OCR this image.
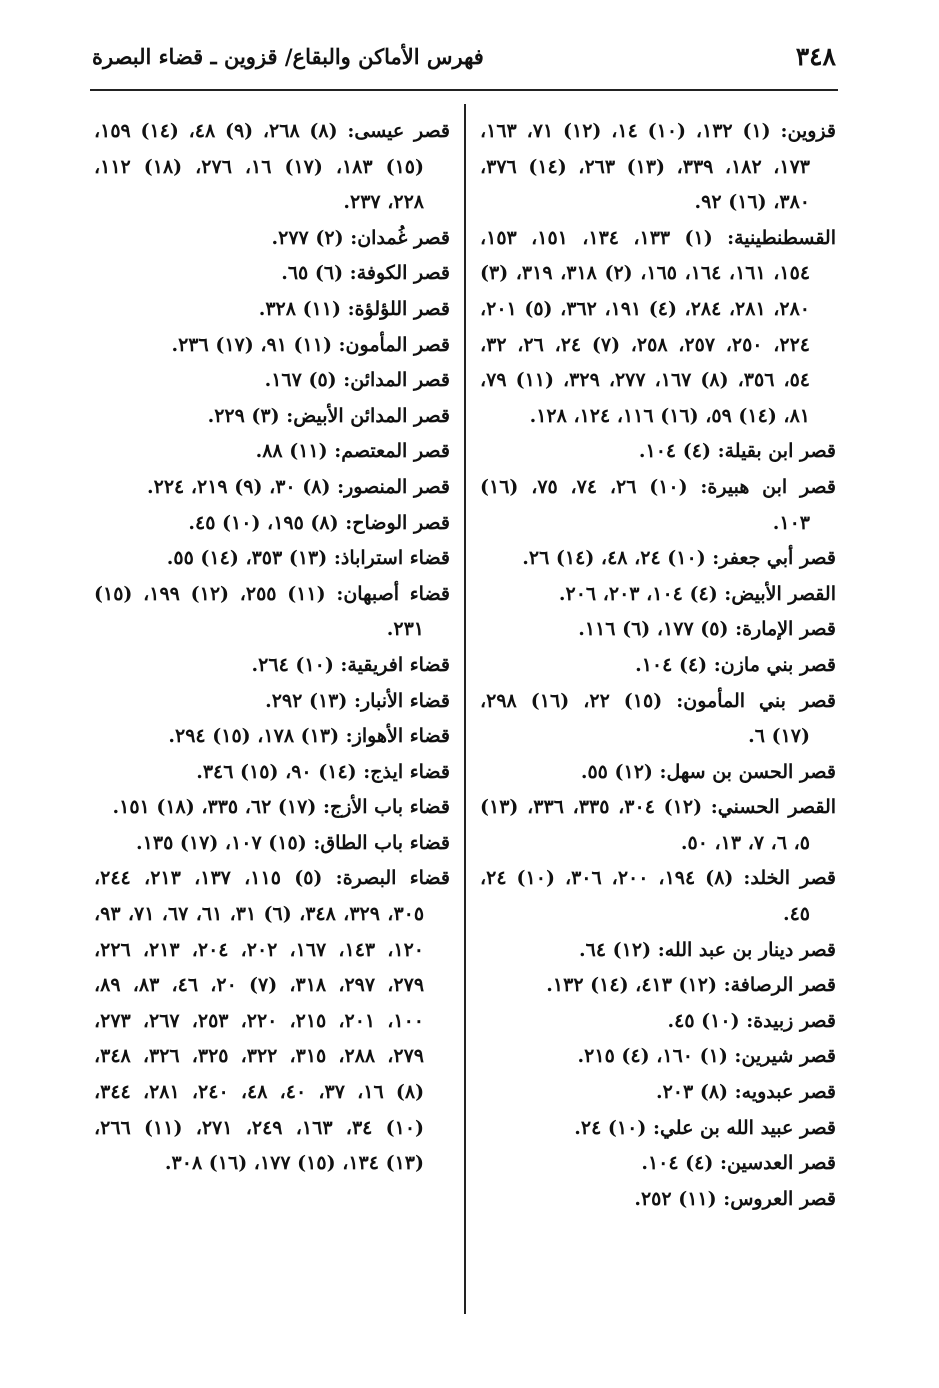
٣٤٨
فهرس الأماكن والبقاع/ قزوين ـ قضاء البصرة
قزوين: (١) ١٣٢، (١٠) ١٤، (١٢) ٧١، ١٦٣، ١٧٣، ١٨٢، ٣٣٩، (١٣) ٢٦٣، (١٤) ٣٧٦، ٣٨٠، (١٦) ٩٢.
القسطنطينية: (١) ١٣٣، ١٣٤، ١٥١، ١٥٣، ١٥٤، ١٦١، ١٦٤، ١٦٥، (٢) ٣١٨، ٣١٩، (٣) ٢٨٠، ٢٨١، ٢٨٤، (٤) ١٩١، ٣٦٢، (٥) ٢٠١، ٢٢٤، ٢٥٠، ٢٥٧، ٢٥٨، (٧) ٢٤، ٢٦، ٣٢، ٥٤، ٣٥٦، (٨) ١٦٧، ٢٧٧، ٣٢٩، (١١) ٧٩، ٨١، (١٤) ٥٩، (١٦) ١١٦، ١٢٤، ١٢٨.
قصر ابن بقيلة: (٤) ١٠٤.
قصر ابن هبيرة: (١٠) ٢٦، ٧٤، ٧٥، (١٦) ١٠٣.
قصر أبي جعفر: (١٠) ٢٤، ٤٨، (١٤) ٢٦.
القصر الأبيض: (٤) ١٠٤، ٢٠٣، ٢٠٦.
قصر الإمارة: (٥) ١٧٧، (٦) ١١٦.
قصر بني مازن: (٤) ١٠٤.
قصر بني المأمون: (١٥) ٢٢، (١٦) ٢٩٨، (١٧) ٦.
قصر الحسن بن سهل: (١٢) ٥٥.
القصر الحسني: (١٢) ٣٠٤، ٣٣٥، ٣٣٦، (١٣) ٥، ٦، ٧، ١٣، ٥٠.
قصر الخلد: (٨) ١٩٤، ٢٠٠، ٣٠٦، (١٠) ٢٤، ٤٥.
قصر دينار بن عبد الله: (١٢) ٦٤.
قصر الرصافة: (١٢) ٤١٣، (١٤) ١٣٢.
قصر زبيدة: (١٠) ٤٥.
قصر شيرين: (١) ١٦٠، (٤) ٢١٥.
قصر عبدويه: (٨) ٢٠٣.
قصر عبيد الله بن علي: (١٠) ٢٤.
قصر العدسين: (٤) ١٠٤.
قصر العروس: (١١) ٢٥٢.
قصر عيسى: (٨) ٢٦٨، (٩) ٤٨، (١٤) ١٥٩، (١٥) ١٨٣، (١٧) ١٦، ٢٧٦، (١٨) ١١٢، ٢٢٨، ٢٣٧.
قصر غُمدان: (٢) ٢٧٧.
قصر الكوفة: (٦) ٦٥.
قصر اللؤلؤة: (١١) ٣٢٨.
قصر المأمون: (١١) ٩١، (١٧) ٢٣٦.
قصر المدائن: (٥) ١٦٧.
قصر المدائن الأبيض: (٣) ٢٢٩.
قصر المعتصم: (١١) ٨٨.
قصر المنصور: (٨) ٣٠، (٩) ٢١٩، ٢٢٤.
قصر الوضاح: (٨) ١٩٥، (١٠) ٤٥.
قضاء استراباذ: (١٣) ٣٥٣، (١٤) ٥٥.
قضاء أصبهان: (١١) ٢٥٥، (١٢) ١٩٩، (١٥) ٢٣١.
قضاء افريقية: (١٠) ٢٦٤.
قضاء الأنبار: (١٣) ٢٩٢.
قضاء الأهواز: (١٣) ١٧٨، (١٥) ٢٩٤.
قضاء ايذج: (١٤) ٩٠، (١٥) ٣٤٦.
قضاء باب الأزج: (١٧) ٦٢، ٣٣٥، (١٨) ١٥١.
قضاء باب الطاق: (١٥) ١٠٧، (١٧) ١٣٥.
قضاء البصرة: (٥) ١١٥، ١٣٧، ٢١٣، ٢٤٤، ٣٠٥، ٣٢٩، ٣٤٨، (٦) ٣١، ٦١، ٦٧، ٧١، ٩٣، ١٢٠، ١٤٣، ١٦٧، ٢٠٢، ٢٠٤، ٢١٣، ٢٢٦، ٢٧٩، ٢٩٧، ٣١٨، (٧) ٢٠، ٤٦، ٨٣، ٨٩، ١٠٠، ٢٠١، ٢١٥، ٢٢٠، ٢٥٣، ٢٦٧، ٢٧٣، ٢٧٩، ٢٨٨، ٣١٥، ٣٢٢، ٣٢٥، ٣٢٦، ٣٤٨، (٨) ١٦، ٣٧، ٤٠، ٤٨، ٢٤٠، ٢٨١، ٣٤٤، (١٠) ٣٤، ١٦٣، ٢٤٩، ٢٧١، (١١) ٢٦٦، (١٣) ١٣٤، (١٥) ١٧٧، (١٦) ٣٠٨.
